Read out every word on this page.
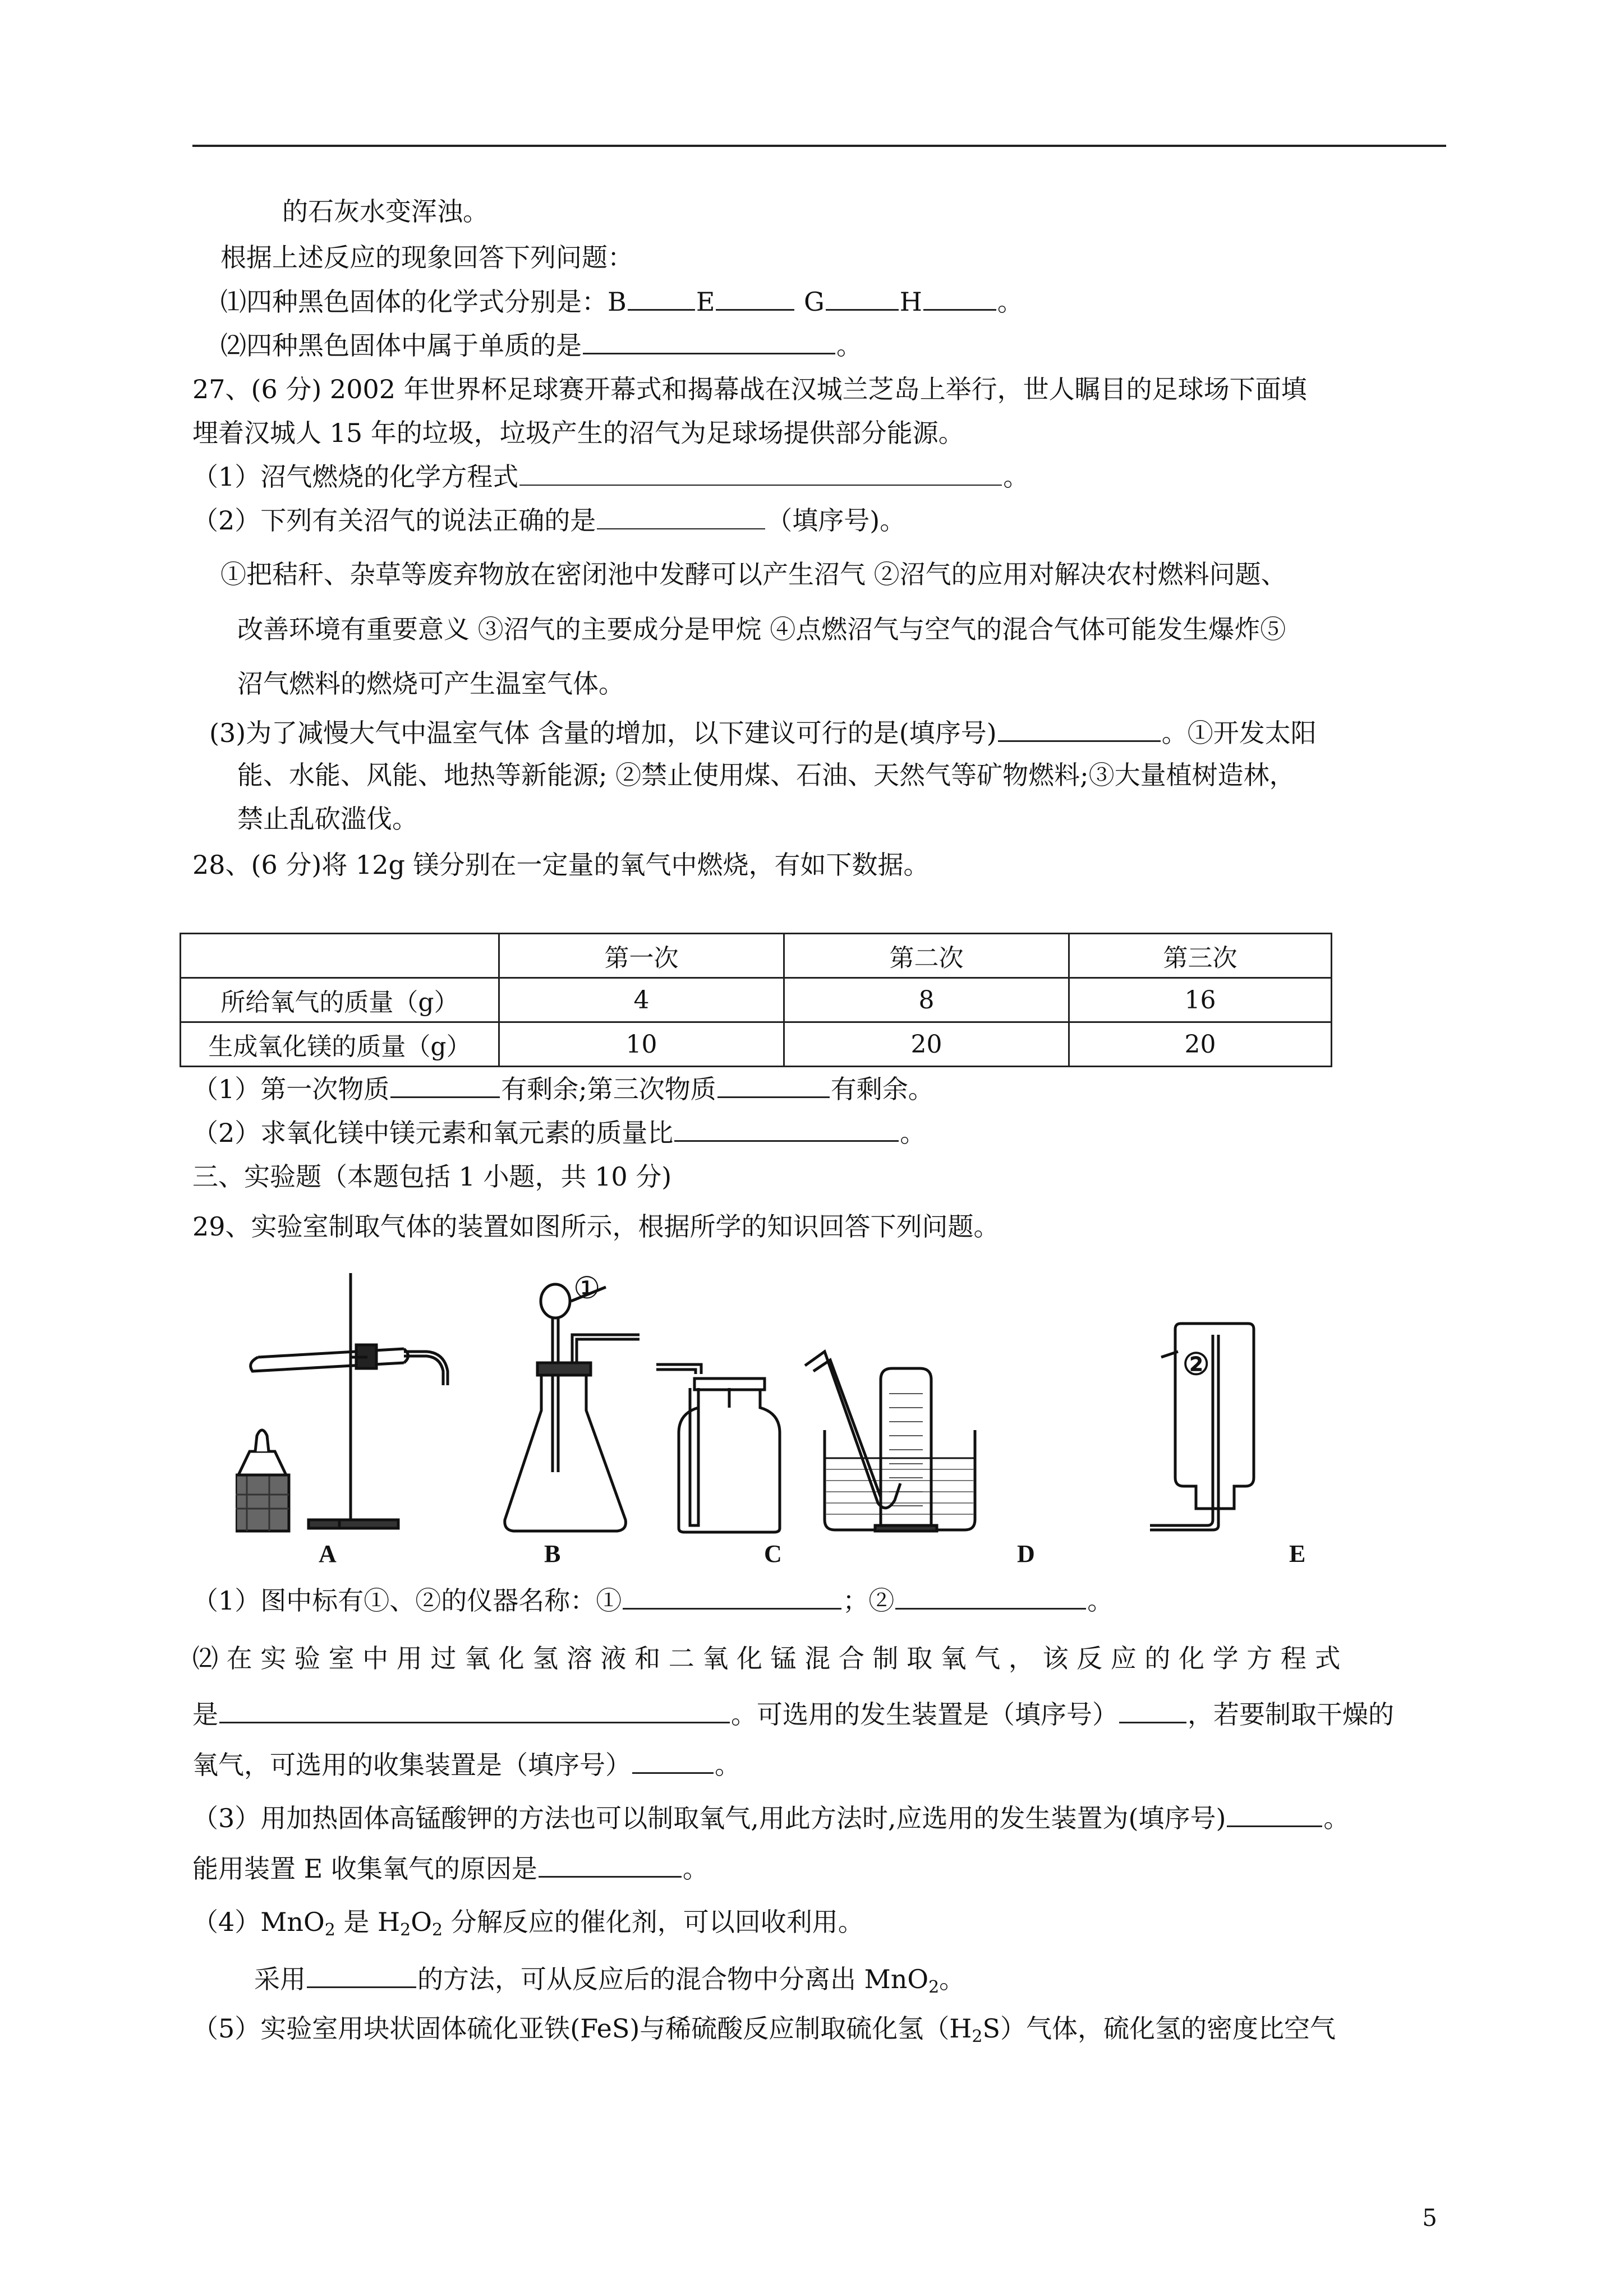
的石灰水变浑浊。
根据上述反应的现象回答下列问题：
⑴四种黑色固体的化学式分别是：B	E	G	H	。
⑵四种黑色固体中属于单质的是	。
27、(6 分) 2002 年世界杯足球赛开幕式和揭幕战在汉城兰芝岛上举行，世人瞩目的足球场下面填
埋着汉城人 15 年的垃圾，垃圾产生的沼气为足球场提供部分能源。
（1）沼气燃烧的化学方程式	。
（2）下列有关沼气的说法正确的是	（填序号)。
①把秸秆、杂草等废弃物放在密闭池中发酵可以产生沼气 ②沼气的应用对解决农村燃料问题、
改善环境有重要意义 ③沼气的主要成分是甲烷 ④点燃沼气与空气的混合气体可能发生爆炸⑤
沼气燃料的燃烧可产生温室气体。
(3)为了减慢大气中温室气体 含量的增加，以下建议可行的是(填序号)	。①开发太阳
能、水能、风能、地热等新能源; ②禁止使用煤、石油、天然气等矿物燃料;③大量植树造林，
禁止乱砍滥伐。
28、(6 分)将 12g 镁分别在一定量的氧气中燃烧，有如下数据。
	第一次	第二次	第三次
所给氧气的质量（g）	4	8	16
生成氧化镁的质量（g）	10	20	20
（1）第一次物质	有剩余;第三次物质	有剩余。
（2）求氧化镁中镁元素和氧元素的质量比	。
三、实验题（本题包括 1 小题，共 10 分)
29、实验室制取气体的装置如图所示，根据所学的知识回答下列问题。
①
②
A	B	C	D	E
（1）图中标有①、②的仪器名称：①	；②	。
⑵ 在 实 验 室 中 用 过 氧 化 氢 溶 液 和 二 氧 化 锰 混 合 制 取 氧 气 ， 该 反 应 的 化 学 方 程 式
是	。可选用的发生装置是（填序号）	，若要制取干燥的
氧气，可选用的收集装置是（填序号）	。
（3）用加热固体高锰酸钾的方法也可以制取氧气,用此方法时,应选用的发生装置为(填序号)	。
能用装置 E 收集氧气的原因是	。
（4）MnO$_2$ 是 $H_2O_2$ 分解反应的催化剂，可以回收利用。
采用	的方法，可从反应后的混合物中分离出 MnO$_2$。
（5）实验室用块状固体硫化亚铁(FeS)与稀硫酸反应制取硫化氢$(H_2S)$气体，硫化氢的密度比空气
5
